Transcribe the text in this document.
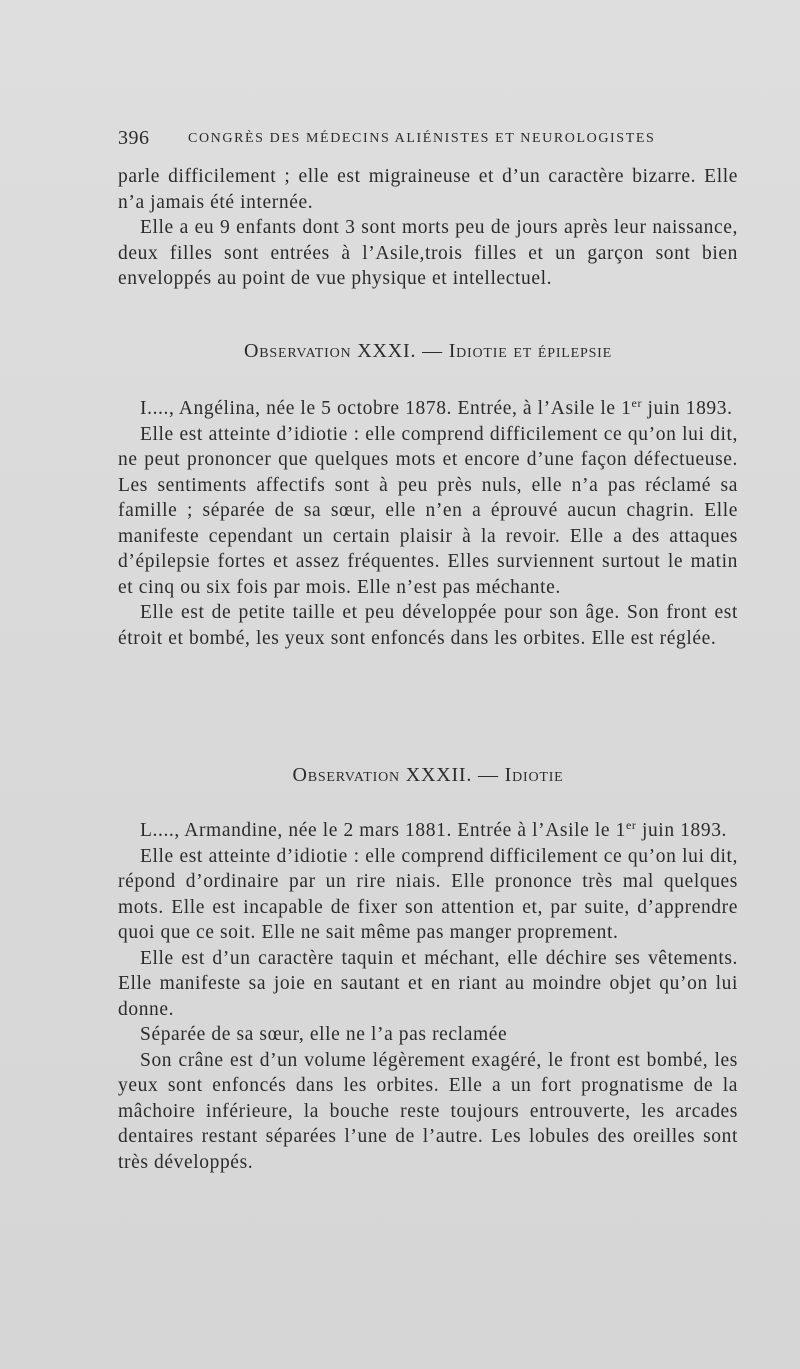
396	CONGRÈS DES MÉDECINS ALIÉNISTES ET NEUROLOGISTES

parle difficilement ; elle est migraineuse et d’un caractère bizarre. Elle n’a jamais été internée.

Elle a eu 9 enfants dont 3 sont morts peu de jours après leur naissance, deux filles sont entrées à l’Asile,trois filles et un garçon sont bien enveloppés au point de vue physique et intellectuel.

Observation XXXI. — Idiotie et épilepsie

I...., Angélina, née le 5 octobre 1878. Entrée, à l’Asile le 1er juin 1893.

Elle est atteinte d’idiotie : elle comprend difficilement ce qu’on lui dit, ne peut prononcer que quelques mots et encore d’une façon défectueuse. Les sentiments affectifs sont à peu près nuls, elle n’a pas réclamé sa famille ; séparée de sa sœur, elle n’en a éprouvé aucun chagrin. Elle manifeste cependant un certain plaisir à la revoir. Elle a des attaques d’épilepsie fortes et assez fréquentes. Elles surviennent surtout le matin et cinq ou six fois par mois. Elle n’est pas méchante.

Elle est de petite taille et peu développée pour son âge. Son front est étroit et bombé, les yeux sont enfoncés dans les orbites. Elle est réglée.

Observation XXXII. — Idiotie

L...., Armandine, née le 2 mars 1881. Entrée à l’Asile le 1er juin 1893.

Elle est atteinte d’idiotie : elle comprend difficilement ce qu’on lui dit, répond d’ordinaire par un rire niais. Elle prononce très mal quelques mots. Elle est incapable de fixer son attention et, par suite, d’apprendre quoi que ce soit. Elle ne sait même pas manger proprement.

Elle est d’un caractère taquin et méchant, elle déchire ses vêtements. Elle manifeste sa joie en sautant et en riant au moindre objet qu’on lui donne.

Séparée de sa sœur, elle ne l’a pas reclamée

Son crâne est d’un volume légèrement exagéré, le front est bombé, les yeux sont enfoncés dans les orbites. Elle a un fort prognatisme de la mâchoire inférieure, la bouche reste toujours entrouverte, les arcades dentaires restant séparées l’une de l’autre. Les lobules des oreilles sont très développés.
